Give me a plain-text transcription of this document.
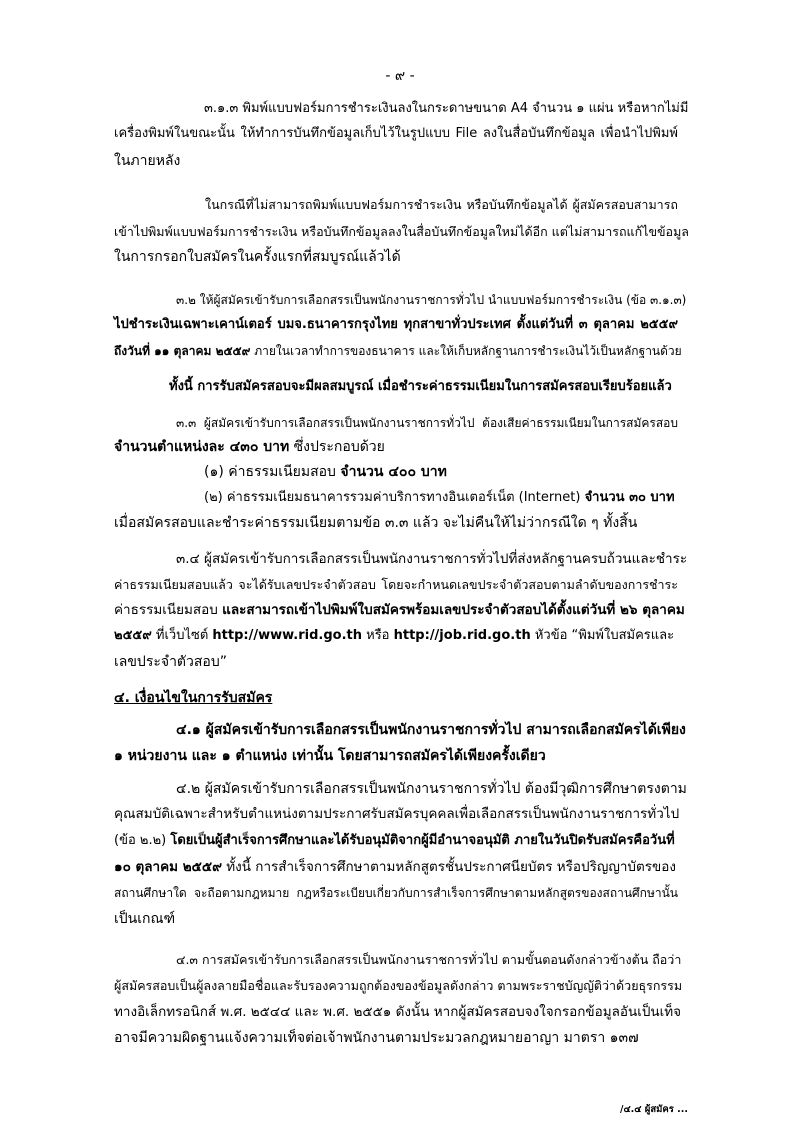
- ๙ -
๓.๑.๓ พิมพ์แบบฟอร์มการชำระเงินลงในกระดาษขนาด A4 จำนวน ๑ แผ่น หรือหากไม่มี
เครื่องพิมพ์ในขณะนั้น ให้ทำการบันทึกข้อมูลเก็บไว้ในรูปแบบ File ลงในสื่อบันทึกข้อมูล เพื่อนำไปพิมพ์
ในภายหลัง
ในกรณีที่ไม่สามารถพิมพ์แบบฟอร์มการชำระเงิน หรือบันทึกข้อมูลได้ ผู้สมัครสอบสามารถ
เข้าไปพิมพ์แบบฟอร์มการชำระเงิน หรือบันทึกข้อมูลลงในสื่อบันทึกข้อมูลใหม่ได้อีก แต่ไม่สามารถแก้ไขข้อมูล
ในการกรอกใบสมัครในครั้งแรกที่สมบูรณ์แล้วได้
๓.๒ ให้ผู้สมัครเข้ารับการเลือกสรรเป็นพนักงานราชการทั่วไป นำแบบฟอร์มการชำระเงิน (ข้อ ๓.๑.๓)
ไปชำระเงินเฉพาะเคาน์เตอร์ บมจ.ธนาคารกรุงไทย ทุกสาขาทั่วประเทศ ตั้งแต่วันที่ ๓ ตุลาคม ๒๕๕๙
ถึงวันที่ ๑๑ ตุลาคม ๒๕๕๙ ภายในเวลาทำการของธนาคาร และให้เก็บหลักฐานการชำระเงินไว้เป็นหลักฐานด้วย
ทั้งนี้ การรับสมัครสอบจะมีผลสมบูรณ์ เมื่อชำระค่าธรรมเนียมในการสมัครสอบเรียบร้อยแล้ว
๓.๓ ผู้สมัครเข้ารับการเลือกสรรเป็นพนักงานราชการทั่วไป ต้องเสียค่าธรรมเนียมในการสมัครสอบ
จำนวนตำแหน่งละ ๔๓๐ บาท ซึ่งประกอบด้วย
(๑) ค่าธรรมเนียมสอบ จำนวน ๔๐๐ บาท
(๒) ค่าธรรมเนียมธนาคารรวมค่าบริการทางอินเตอร์เน็ต (Internet) จำนวน ๓๐ บาท
เมื่อสมัครสอบและชำระค่าธรรมเนียมตามข้อ ๓.๓ แล้ว จะไม่คืนให้ไม่ว่ากรณีใด ๆ ทั้งสิ้น
๓.๔ ผู้สมัครเข้ารับการเลือกสรรเป็นพนักงานราชการทั่วไปที่ส่งหลักฐานครบถ้วนและชำระ
ค่าธรรมเนียมสอบแล้ว จะได้รับเลขประจำตัวสอบ โดยจะกำหนดเลขประจำตัวสอบตามลำดับของการชำระ
ค่าธรรมเนียมสอบ และสามารถเข้าไปพิมพ์ใบสมัครพร้อมเลขประจำตัวสอบได้ตั้งแต่วันที่ ๒๖ ตุลาคม
๒๕๕๙ ที่เว็บไซต์ http://www.rid.go.th หรือ http://job.rid.go.th หัวข้อ “พิมพ์ใบสมัครและ
เลขประจำตัวสอบ”
๔. เงื่อนไขในการรับสมัคร
๔.๑ ผู้สมัครเข้ารับการเลือกสรรเป็นพนักงานราชการทั่วไป สามารถเลือกสมัครได้เพียง
๑ หน่วยงาน และ ๑ ตำแหน่ง เท่านั้น โดยสามารถสมัครได้เพียงครั้งเดียว
๔.๒ ผู้สมัครเข้ารับการเลือกสรรเป็นพนักงานราชการทั่วไป ต้องมีวุฒิการศึกษาตรงตาม
คุณสมบัติเฉพาะสำหรับตำแหน่งตามประกาศรับสมัครบุคคลเพื่อเลือกสรรเป็นพนักงานราชการทั่วไป
(ข้อ ๒.๒) โดยเป็นผู้สำเร็จการศึกษาและได้รับอนุมัติจากผู้มีอำนาจอนุมัติ ภายในวันปิดรับสมัครคือวันที่
๑๐ ตุลาคม ๒๕๕๙ ทั้งนี้ การสำเร็จการศึกษาตามหลักสูตรชั้นประกาศนียบัตร หรือปริญญาบัตรของ
สถานศึกษาใด จะถือตามกฎหมาย กฎหรือระเบียบเกี่ยวกับการสำเร็จการศึกษาตามหลักสูตรของสถานศึกษานั้น
เป็นเกณฑ์
๔.๓ การสมัครเข้ารับการเลือกสรรเป็นพนักงานราชการทั่วไป ตามขั้นตอนดังกล่าวข้างต้น ถือว่า
ผู้สมัครสอบเป็นผู้ลงลายมือชื่อและรับรองความถูกต้องของข้อมูลดังกล่าว ตามพระราชบัญญัติว่าด้วยธุรกรรม
ทางอิเล็กทรอนิกส์ พ.ศ. ๒๕๔๔ และ พ.ศ. ๒๕๕๑ ดังนั้น หากผู้สมัครสอบจงใจกรอกข้อมูลอันเป็นเท็จ
อาจมีความผิดฐานแจ้งความเท็จต่อเจ้าพนักงานตามประมวลกฎหมายอาญา มาตรา ๑๓๗
/๔.๔ ผู้สมัคร ...
